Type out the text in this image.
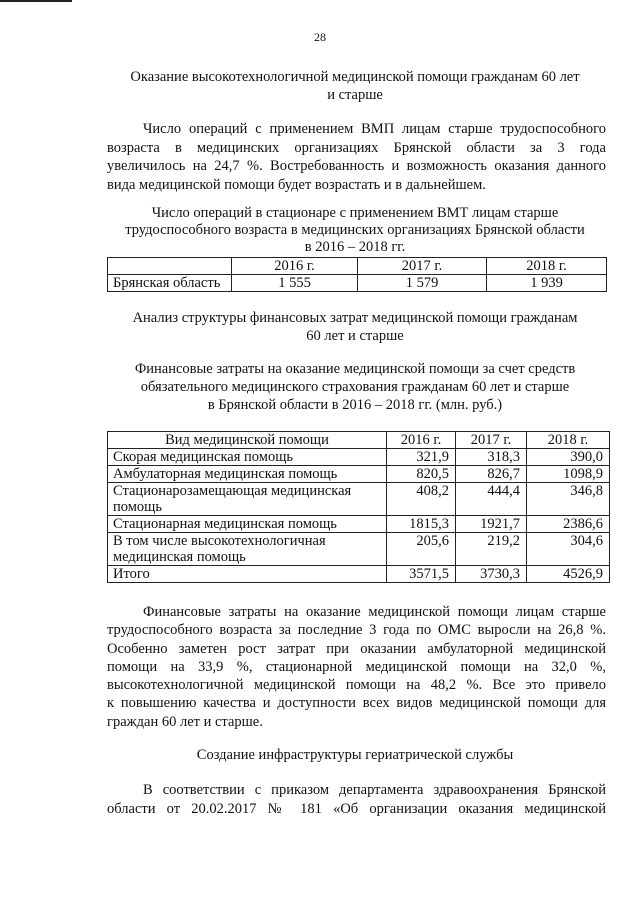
28
Оказание высокотехнологичной медицинской помощи гражданам 60 лет
и старше
Число операций с применением ВМП лицам старше трудоспособного
возраста в медицинских организациях Брянской области за 3 года
увеличилось на 24,7 %. Востребованность и возможность оказания данного
вида медицинской помощи будет возрастать и в дальнейшем.
Число операций в стационаре с применением ВМТ лицам старше
трудоспособного возраста в медицинских организациях Брянской области
в 2016 – 2018 гг.
	2016 г.	2017 г.	2018 г.
Брянская область	1 555	1 579	1 939
Анализ структуры финансовых затрат медицинской помощи гражданам
60 лет и старше
Финансовые затраты на оказание медицинской помощи за счет средств
обязательного медицинского страхования гражданам 60 лет и старше
в Брянской области в 2016 – 2018 гг. (млн. руб.)
Вид медицинской помощи	2016 г.	2017 г.	2018 г.
Скорая медицинская помощь	321,9	318,3	390,0
Амбулаторная медицинская помощь	820,5	826,7	1098,9
Стационарозамещающая медицинская помощь	408,2	444,4	346,8
Стационарная медицинская помощь	1815,3	1921,7	2386,6
В том числе высокотехнологичная медицинская помощь	205,6	219,2	304,6
Итого	3571,5	3730,3	4526,9
Финансовые затраты на оказание медицинской помощи лицам старше
трудоспособного возраста за последние 3 года по ОМС выросли на 26,8 %.
Особенно заметен рост затрат при оказании амбулаторной медицинской
помощи на 33,9 %, стационарной медицинской помощи на 32,0 %,
высокотехнологичной медицинской помощи на 48,2 %. Все это привело
к повышению качества и доступности всех видов медицинской помощи для
граждан 60 лет и старше.
Создание инфраструктуры гериатрической службы
В соответствии с приказом департамента здравоохранения Брянской
области от 20.02.2017 № 181 «Об организации оказания медицинской
